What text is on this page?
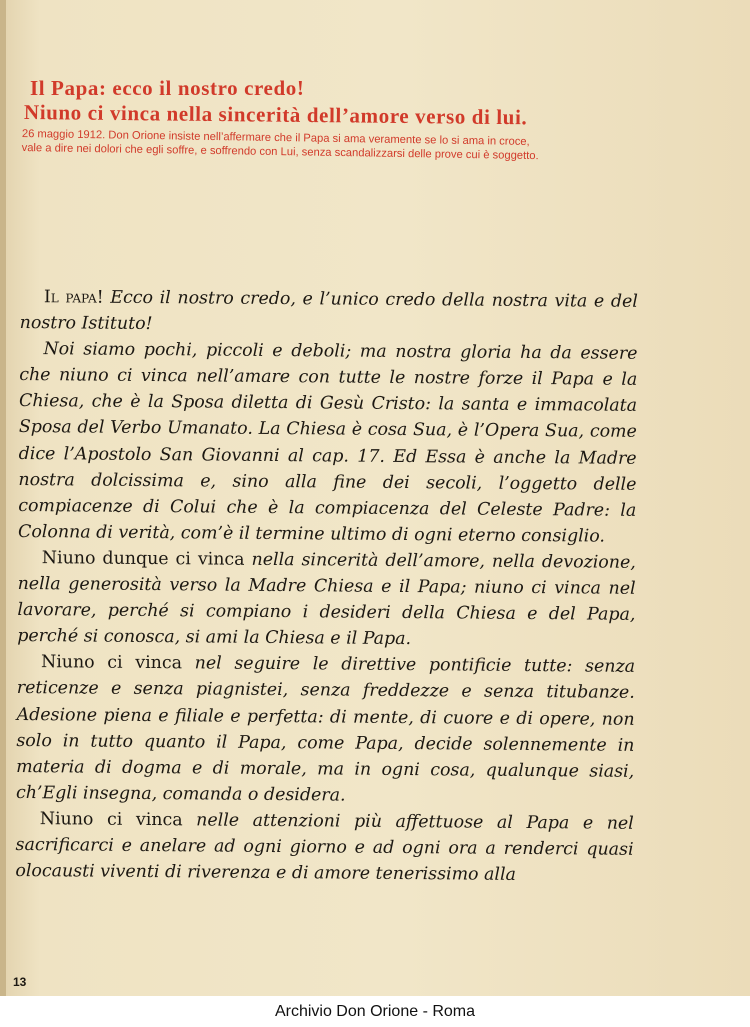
Il Papa: ecco il nostro credo!
Niuno ci vinca nella sincerità dell’amore verso di lui.
26 maggio 1912. Don Orione insiste nell’affermare che il Papa si ama veramente se lo si ama in croce,
vale a dire nei dolori che egli soffre, e soffrendo con Lui, senza scandalizzarsi delle prove cui è soggetto.

Il papa! Ecco il nostro credo, e l’unico credo della nostra vita e del nostro Istituto!

Noi siamo pochi, piccoli e deboli; ma nostra gloria ha da essere che niuno ci vinca nell’amare con tutte le nostre forze il Papa e la Chiesa, che è la Sposa diletta di Gesù Cristo: la santa e immacolata Sposa del Verbo Umanato. La Chiesa è cosa Sua, è l’Opera Sua, come dice l’Apostolo San Giovanni al cap. 17. Ed Essa è anche la Madre nostra dolcissima e, sino alla fine dei secoli, l’oggetto delle compiacenze di Colui che è la compiacenza del Celeste Padre: la Colonna di verità, com’è il termine ultimo di ogni eterno consiglio.

Niuno dunque ci vinca nella sincerità dell’amore, nella devozione, nella generosità verso la Madre Chiesa e il Papa; niuno ci vinca nel lavorare, perché si compiano i desideri della Chiesa e del Papa, perché si conosca, si ami la Chiesa e il Papa.

Niuno ci vinca nel seguire le direttive pontificie tutte: senza reticenze e senza piagnistei, senza freddezze e senza titubanze. Adesione piena e filiale e perfetta: di mente, di cuore e di opere, non solo in tutto quanto il Papa, come Papa, decide solennemente in materia di dogma e di morale, ma in ogni cosa, qualunque siasi, ch’Egli insegna, comanda o desidera.

Niuno ci vinca nelle attenzioni più affettuose al Papa e nel sacrificarci e anelare ad ogni giorno e ad ogni ora a renderci quasi olocausti viventi di riverenza e di amore tenerissimo alla

13
Archivio Don Orione - Roma
